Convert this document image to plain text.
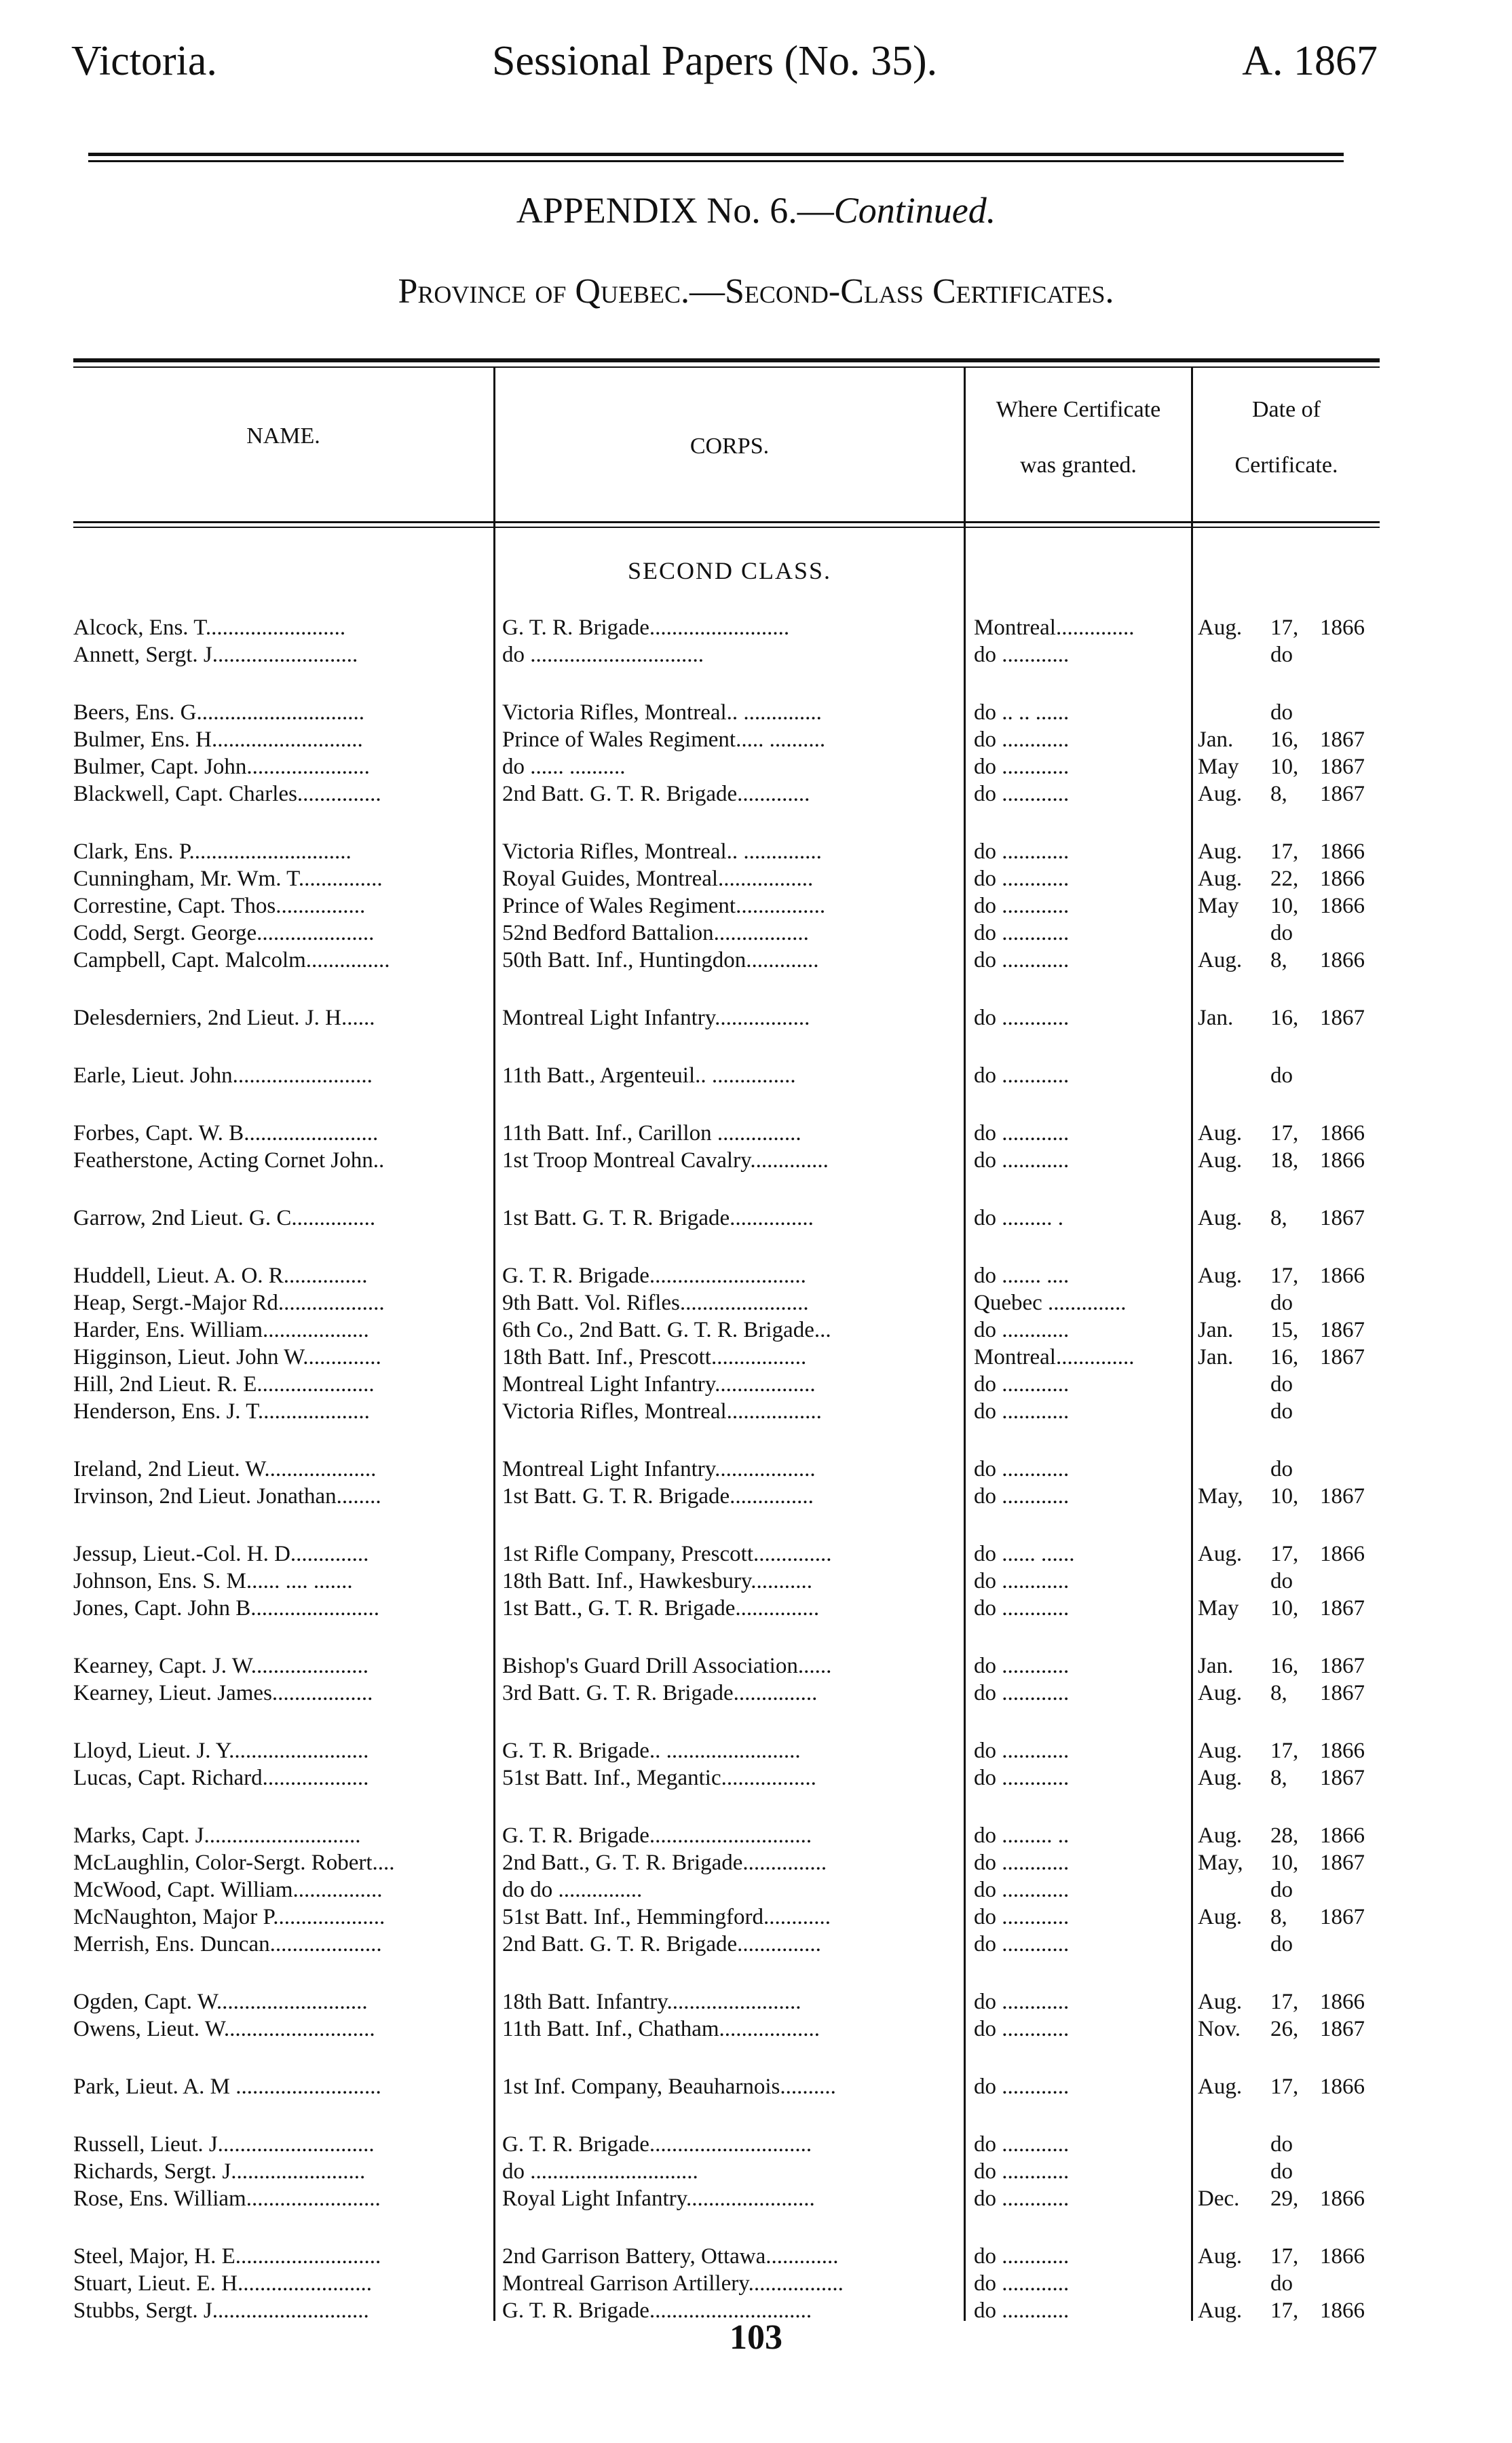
Victoria.	Sessional Papers (No. 35).	A. 1867
APPENDIX No. 6.—Continued.
Province of Quebec.—Second-Class Certificates.
NAME.	CORPS.
Where Certificate
was granted.
Date of
Certificate.
SECOND CLASS.
Alcock, Ens. T.........................	G. T. R. Brigade.........................	Montreal..............	Aug.	17, 1866
Annett, Sergt. J..........................	do ...............................	do ............	do
Beers, Ens. G..............................	Victoria Rifles, Montreal.. ..............	do .. .. ......	do
Bulmer, Ens. H...........................	Prince of Wales Regiment..... ..........	do ............	Jan.	16, 1867
Bulmer, Capt. John......................	do ...... ..........	do ............	May	10, 1867
Blackwell, Capt. Charles...............	2nd Batt. G. T. R. Brigade.............	do ............	Aug.	8,	1867
Clark, Ens. P.............................	Victoria Rifles, Montreal.. ..............	do ............	Aug.	17, 1866
Cunningham, Mr. Wm. T...............	Royal Guides, Montreal.................	do ............	Aug.	22, 1866
Correstine, Capt. Thos................	Prince of Wales Regiment................	do ............	May	10, 1866
Codd, Sergt. George.....................	52nd Bedford Battalion.................	do ............	do
Campbell, Capt. Malcolm...............	50th Batt. Inf., Huntingdon.............	do ............	Aug.	8,	1866
Delesderniers, 2nd Lieut. J. H......	Montreal Light Infantry.................	do ............	Jan.	16, 1867
Earle, Lieut. John.........................	11th Batt., Argenteuil.. ...............	do ............	do
Forbes, Capt. W. B........................	11th Batt. Inf., Carillon ...............	do ............	Aug.	17, 1866
Featherstone, Acting Cornet John..	1st Troop Montreal Cavalry..............	do ............	Aug.	18, 1866
Garrow, 2nd Lieut. G. C...............	1st Batt. G. T. R. Brigade...............	do ......... .	Aug.	8,	1867
Huddell, Lieut. A. O. R...............	G. T. R. Brigade............................	do ....... ....	Aug.	17, 1866
Heap, Sergt.-Major Rd...................	9th Batt. Vol. Rifles.......................	Quebec ..............	do
Harder, Ens. William...................	6th Co., 2nd Batt. G. T. R. Brigade...	do ............	Jan.	15, 1867
Higginson, Lieut. John W..............	18th Batt. Inf., Prescott.................	Montreal..............	Jan.	16, 1867
Hill, 2nd Lieut. R. E.....................	Montreal Light Infantry..................	do ............	do
Henderson, Ens. J. T....................	Victoria Rifles, Montreal.................	do ............	do
Ireland, 2nd Lieut. W....................	Montreal Light Infantry..................	do ............	do
Irvinson, 2nd Lieut. Jonathan........	1st Batt. G. T. R. Brigade...............	do ............	May,	10, 1867
Jessup, Lieut.-Col. H. D..............	1st Rifle Company, Prescott..............	do ...... ......	Aug.	17, 1866
Johnson, Ens. S. M...... .... .......	18th Batt. Inf., Hawkesbury...........	do ............	do
Jones, Capt. John B.......................	1st Batt., G. T. R. Brigade...............	do ............	May	10, 1867
Kearney, Capt. J. W.....................	Bishop's Guard Drill Association......	do ............	Jan.	16, 1867
Kearney, Lieut. James..................	3rd Batt. G. T. R. Brigade...............	do ............	Aug.	8,	1867
Lloyd, Lieut. J. Y.........................	G. T. R. Brigade.. ........................	do ............	Aug.	17, 1866
Lucas, Capt. Richard...................	51st Batt. Inf., Megantic.................	do ............	Aug.	8,	1867
Marks, Capt. J............................	G. T. R. Brigade.............................	do ......... ..	Aug.	28, 1866
McLaughlin, Color-Sergt. Robert....	2nd Batt., G. T. R. Brigade...............	do ............	May,	10, 1867
McWood, Capt. William................	do do ...............	do ............	do
McNaughton, Major P....................	51st Batt. Inf., Hemmingford............	do ............	Aug.	8,	1867
Merrish, Ens. Duncan....................	2nd Batt. G. T. R. Brigade...............	do ............	do
Ogden, Capt. W...........................	18th Batt. Infantry........................	do ............	Aug.	17, 1866
Owens, Lieut. W...........................	11th Batt. Inf., Chatham..................	do ............	Nov.	26, 1867
Park, Lieut. A. M ..........................	1st Inf. Company, Beauharnois..........	do ............	Aug.	17, 1866
Russell, Lieut. J............................	G. T. R. Brigade.............................	do ............	do
Richards, Sergt. J........................	do ..............................	do ............	do
Rose, Ens. William........................	Royal Light Infantry.......................	do ............	Dec.	29, 1866
Steel, Major, H. E..........................	2nd Garrison Battery, Ottawa.............	do ............	Aug.	17, 1866
Stuart, Lieut. E. H........................	Montreal Garrison Artillery.................	do ............	do
Stubbs, Sergt. J............................	G. T. R. Brigade.............................	do ............	Aug.	17, 1866
103
